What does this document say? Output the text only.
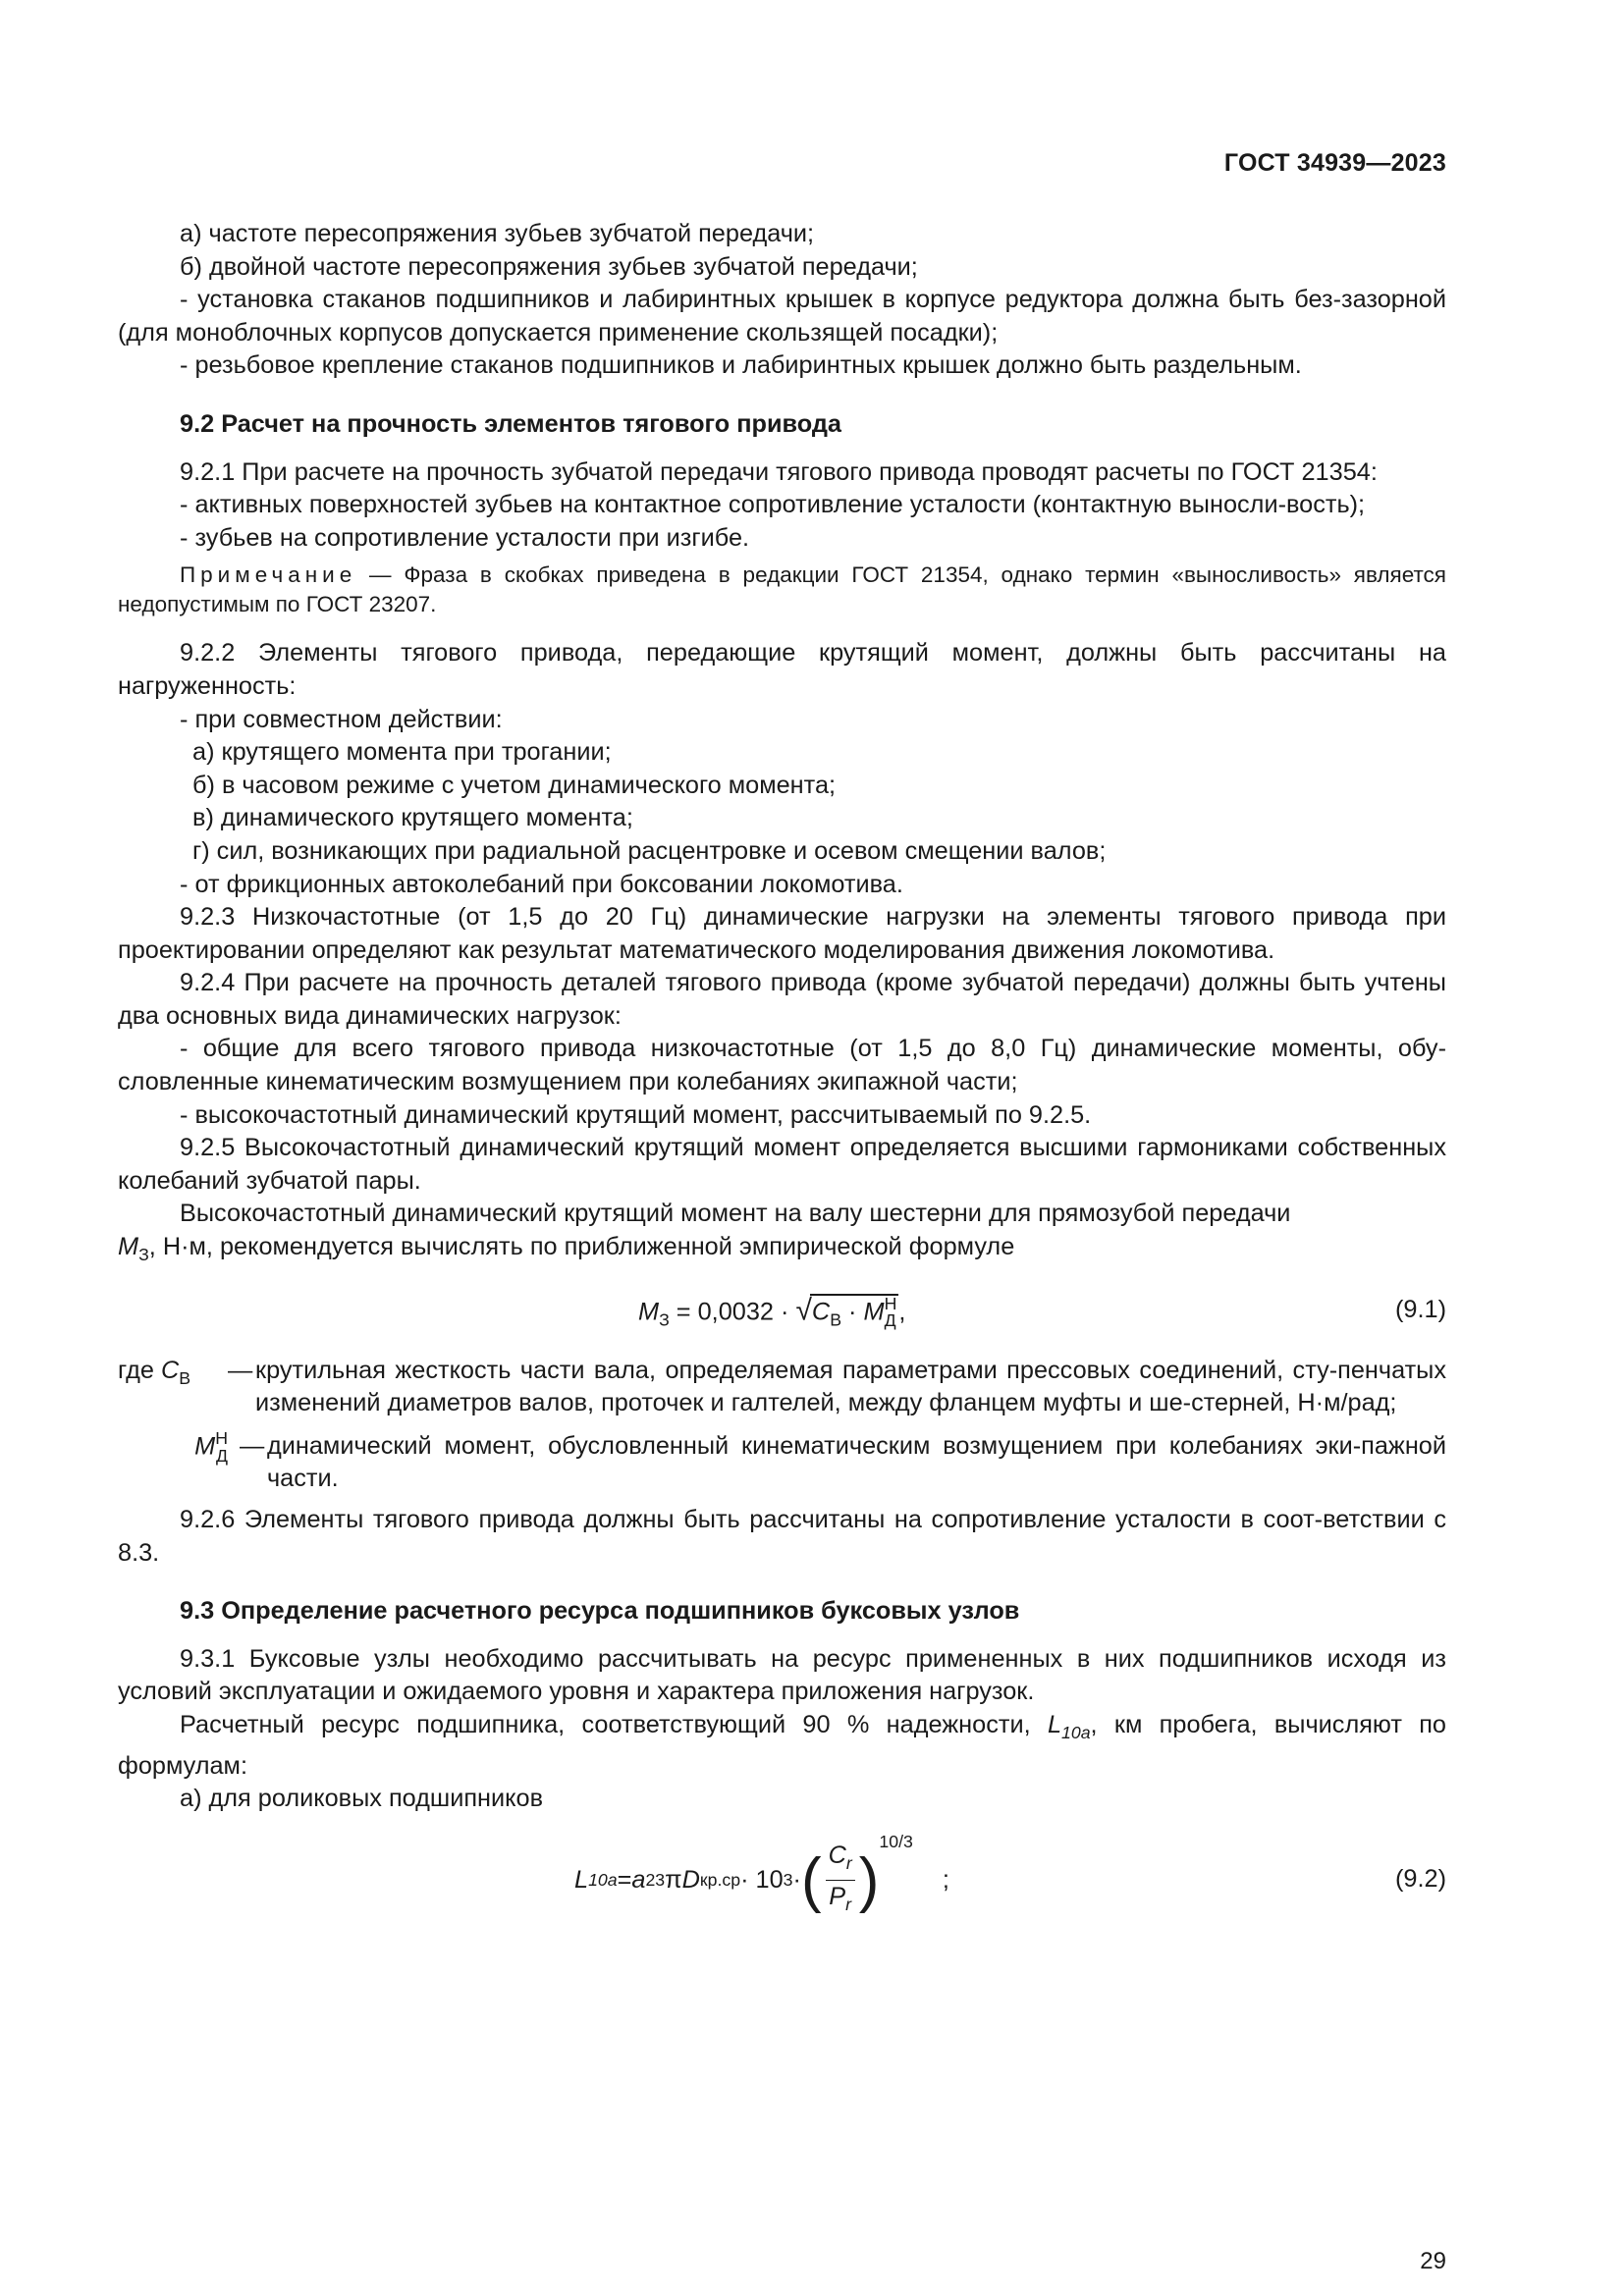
ГОСТ 34939—2023

а) частоте пересопряжения зубьев зубчатой передачи;

б) двойной частоте пересопряжения зубьев зубчатой передачи;

- установка стаканов подшипников и лабиринтных крышек в корпусе редуктора должна быть без-зазорной (для моноблочных корпусов допускается применение скользящей посадки);

- резьбовое крепление стаканов подшипников и лабиринтных крышек должно быть раздельным.

9.2 Расчет на прочность элементов тягового привода

9.2.1 При расчете на прочность зубчатой передачи тягового привода проводят расчеты по ГОСТ 21354:

- активных поверхностей зубьев на контактное сопротивление усталости (контактную выносли-вость);

- зубьев на сопротивление усталости при изгибе.

Примечание — Фраза в скобках приведена в редакции ГОСТ 21354, однако термин «выносливость» является недопустимым по ГОСТ 23207.

9.2.2 Элементы тягового привода, передающие крутящий момент, должны быть рассчитаны на нагруженность:

- при совместном действии:

а) крутящего момента при трогании;

б) в часовом режиме с учетом динамического момента;

в) динамического крутящего момента;

г) сил, возникающих при радиальной расцентровке и осевом смещении валов;

- от фрикционных автоколебаний при боксовании локомотива.

9.2.3 Низкочастотные (от 1,5 до 20 Гц) динамические нагрузки на элементы тягового привода при проектировании определяют как результат математического моделирования движения локомотива.

9.2.4 При расчете на прочность деталей тягового привода (кроме зубчатой передачи) должны быть учтены два основных вида динамических нагрузок:

- общие для всего тягового привода низкочастотные (от 1,5 до 8,0 Гц) динамические моменты, обу-словленные кинематическим возмущением при колебаниях экипажной части;

- высокочастотный динамический крутящий момент, рассчитываемый по 9.2.5.

9.2.5 Высокочастотный динамический крутящий момент определяется высшими гармониками собственных колебаний зубчатой пары.

Высокочастотный динамический крутящий момент на валу шестерни для прямозубой передачи
$M_З$, Н·м, рекомендуется вычислять по приближенной эмпирической формуле

$M_З = 0,0032 \cdot √C_В \cdot M$ Н
Д ,	(9.1)
где $C_В$ — крутильная жесткость части вала, определяемая параметрами прессовых соединений, сту-пенчатых изменений диаметров валов, проточек и галтелей, между фланцем муфты и ше-стерней, Н·м/рад;
M Н
Д — динамический момент, обусловленный кинематическим возмущением при колебаниях эки-пажной части.

9.2.6 Элементы тягового привода должны быть рассчитаны на сопротивление усталости в соот-ветствии с 8.3.

9.3 Определение расчетного ресурса подшипников буксовых узлов

9.3.1 Буксовые узлы необходимо рассчитывать на ресурс примененных в них подшипников исходя из условий эксплуатации и ожидаемого уровня и характера приложения нагрузок.

Расчетный ресурс подшипника, соответствующий 90 % надежности, $L_{10a}$, км пробега, вычисляют по формулам:

а) для роликовых подшипников

L 10a = a 23 π D кр.ср · 10 3 · ( $\frac{C_r}{P_r}$ )
$^{10/3}$
;	(9.2)
29
